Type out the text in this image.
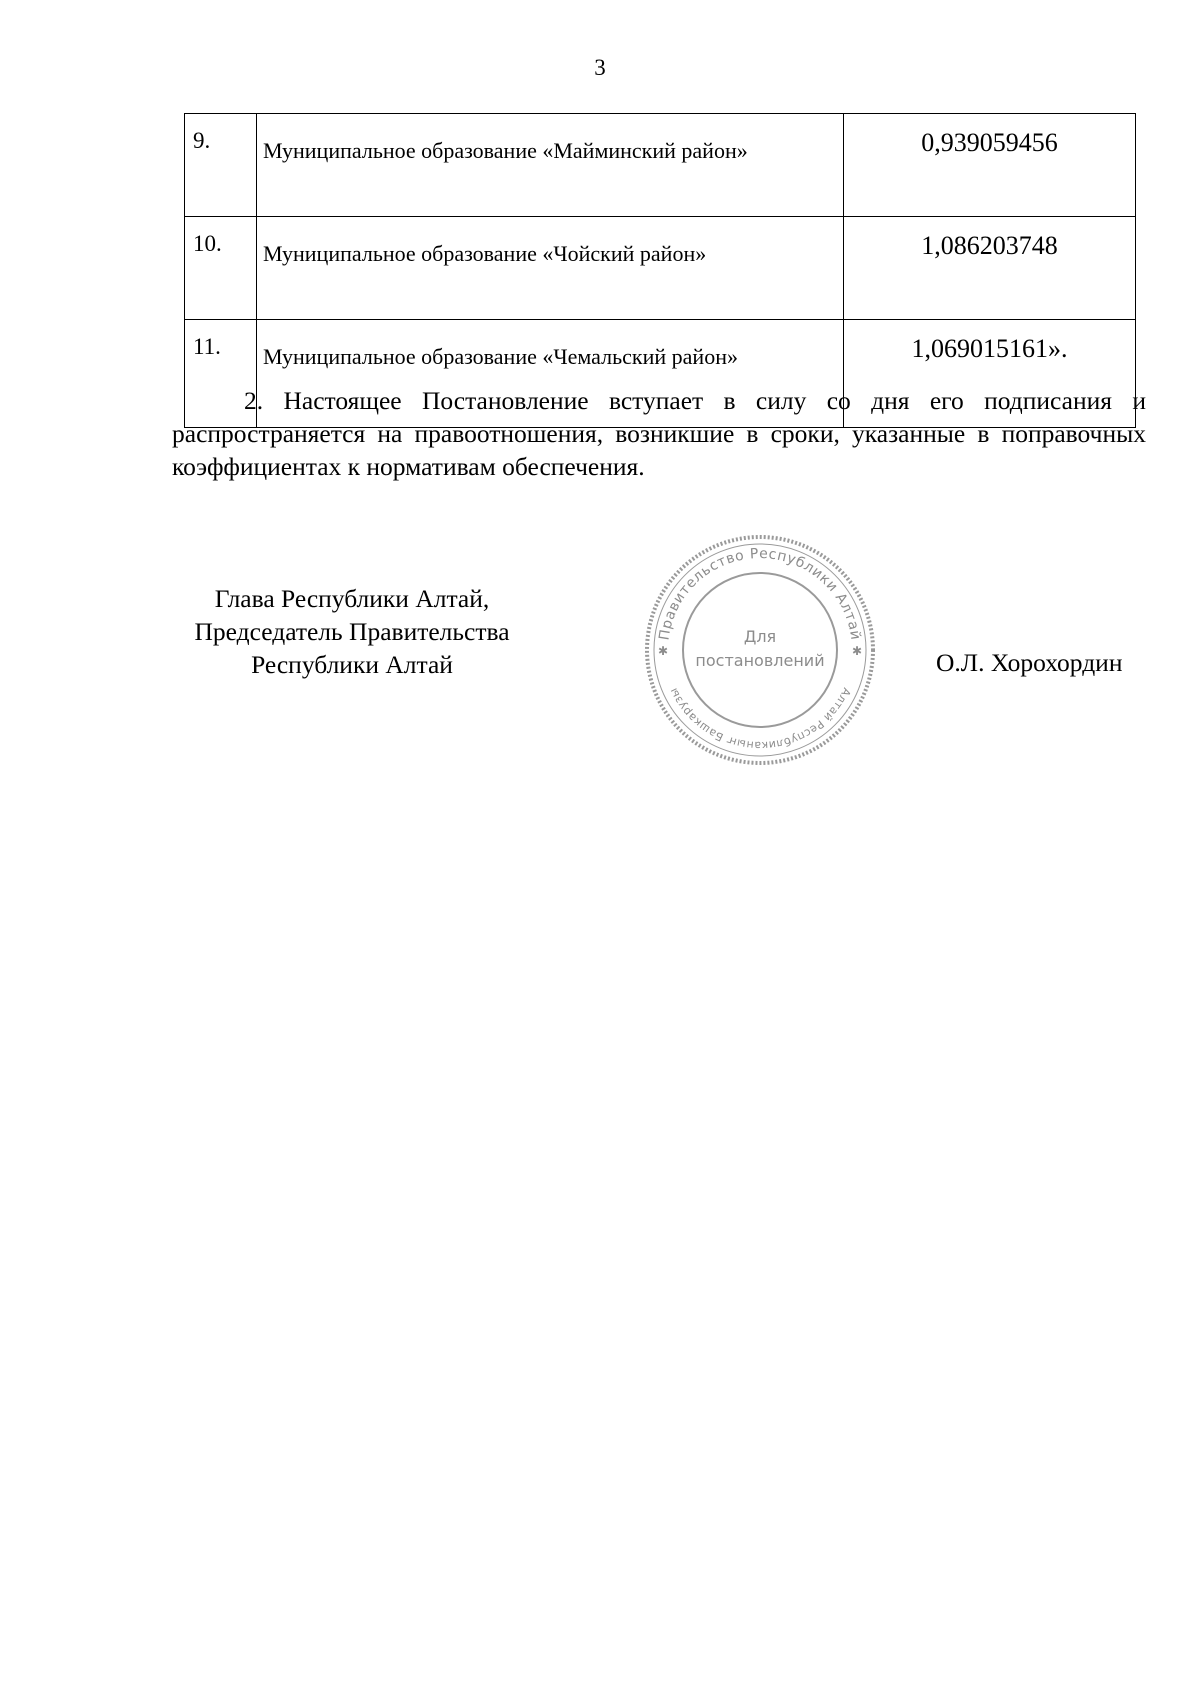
3
9.	Муниципальное образование «Майминский район»	0,939059456
10.	Муниципальное образование «Чойский район»	1,086203748
11.	Муниципальное образование «Чемальский район»	1,069015161».
2. Настоящее Постановление вступает в силу со дня его подписания и распространяется на правоотношения, возникшие в сроки, указанные в поправочных коэффициентах к нормативам обеспечения.
Глава Республики Алтай,
Председатель Правительства
Республики Алтай
Правительство Республики Алтай
Алтай Республиканыҥ Башкарузы
✱	✱
Для
постановлений	О.Л. Хорохордин
